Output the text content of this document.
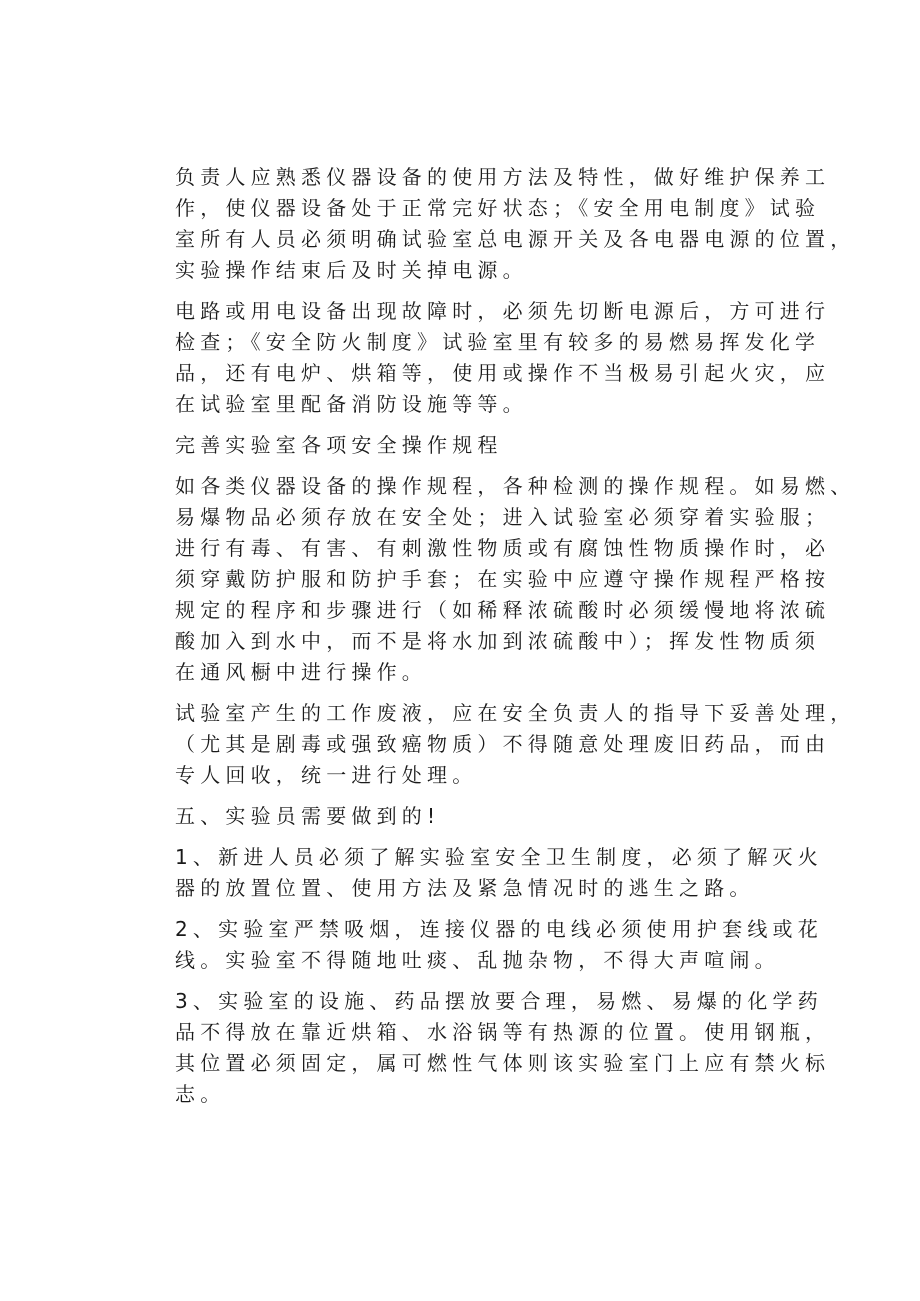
负责人应熟悉仪器设备的使用方法及特性，做好维护保养工
作，使仪器设备处于正常完好状态；《安全用电制度》试验
室所有人员必须明确试验室总电源开关及各电器电源的位置，
实验操作结束后及时关掉电源。

电路或用电设备出现故障时，必须先切断电源后，方可进行
检查；《安全防火制度》试验室里有较多的易燃易挥发化学
品，还有电炉、烘箱等，使用或操作不当极易引起火灾，应
在试验室里配备消防设施等等。

完善实验室各项安全操作规程

如各类仪器设备的操作规程，各种检测的操作规程。如易燃、
易爆物品必须存放在安全处；进入试验室必须穿着实验服；
进行有毒、有害、有刺激性物质或有腐蚀性物质操作时，必
须穿戴防护服和防护手套；在实验中应遵守操作规程严格按
规定的程序和步骤进行（如稀释浓硫酸时必须缓慢地将浓硫
酸加入到水中，而不是将水加到浓硫酸中）；挥发性物质须
在通风橱中进行操作。

试验室产生的工作废液，应在安全负责人的指导下妥善处理，
（尤其是剧毒或强致癌物质）不得随意处理废旧药品，而由
专人回收，统一进行处理。

五、实验员需要做到的!

1、新进人员必须了解实验室安全卫生制度，必须了解灭火
器的放置位置、使用方法及紧急情况时的逃生之路。

2、实验室严禁吸烟，连接仪器的电线必须使用护套线或花
线。实验室不得随地吐痰、乱抛杂物，不得大声喧闹。

3、实验室的设施、药品摆放要合理，易燃、易爆的化学药
品不得放在靠近烘箱、水浴锅等有热源的位置。使用钢瓶，
其位置必须固定，属可燃性气体则该实验室门上应有禁火标
志。
